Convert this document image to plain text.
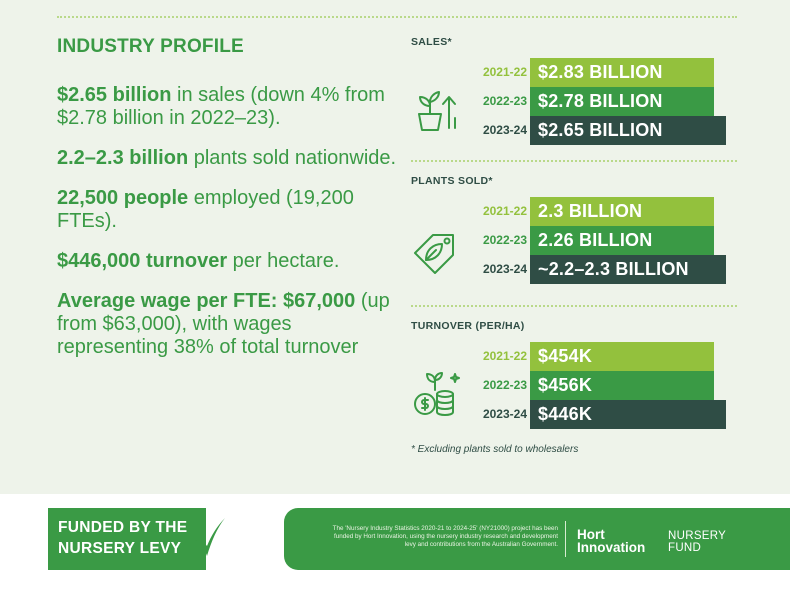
INDUSTRY PROFILE

$2.65 billion in sales (down 4% from $2.78 billion in 2022–23).

2.2–2.3 billion plants sold nationwide.

22,500 people employed (19,200 FTEs).

$446,000 turnover per hectare.

Average wage per FTE: $67,000 (up from $63,000), with wages representing 38% of total turnover

SALES*
2021-22 $2.83 BILLION
2022-23 $2.78 BILLION
2023-24 $2.65 BILLION
PLANTS SOLD*
2021-22 2.3 BILLION
2022-23 2.26 BILLION
2023-24 ~2.2–2.3 BILLION
TURNOVER (PER/HA)
2021-22 $454K
2022-23 $456K
2023-24 $446K
* Excluding plants sold to wholesalers
FUNDED BY THE
NURSERY LEVY
The 'Nursery Industry Statistics 2020-21 to 2024-25' (NY21000) project has been funded by Hort Innovation, using the nursery industry research and development levy and contributions from the Australian Government.
Hort
Innovation
NURSERY
FUND
